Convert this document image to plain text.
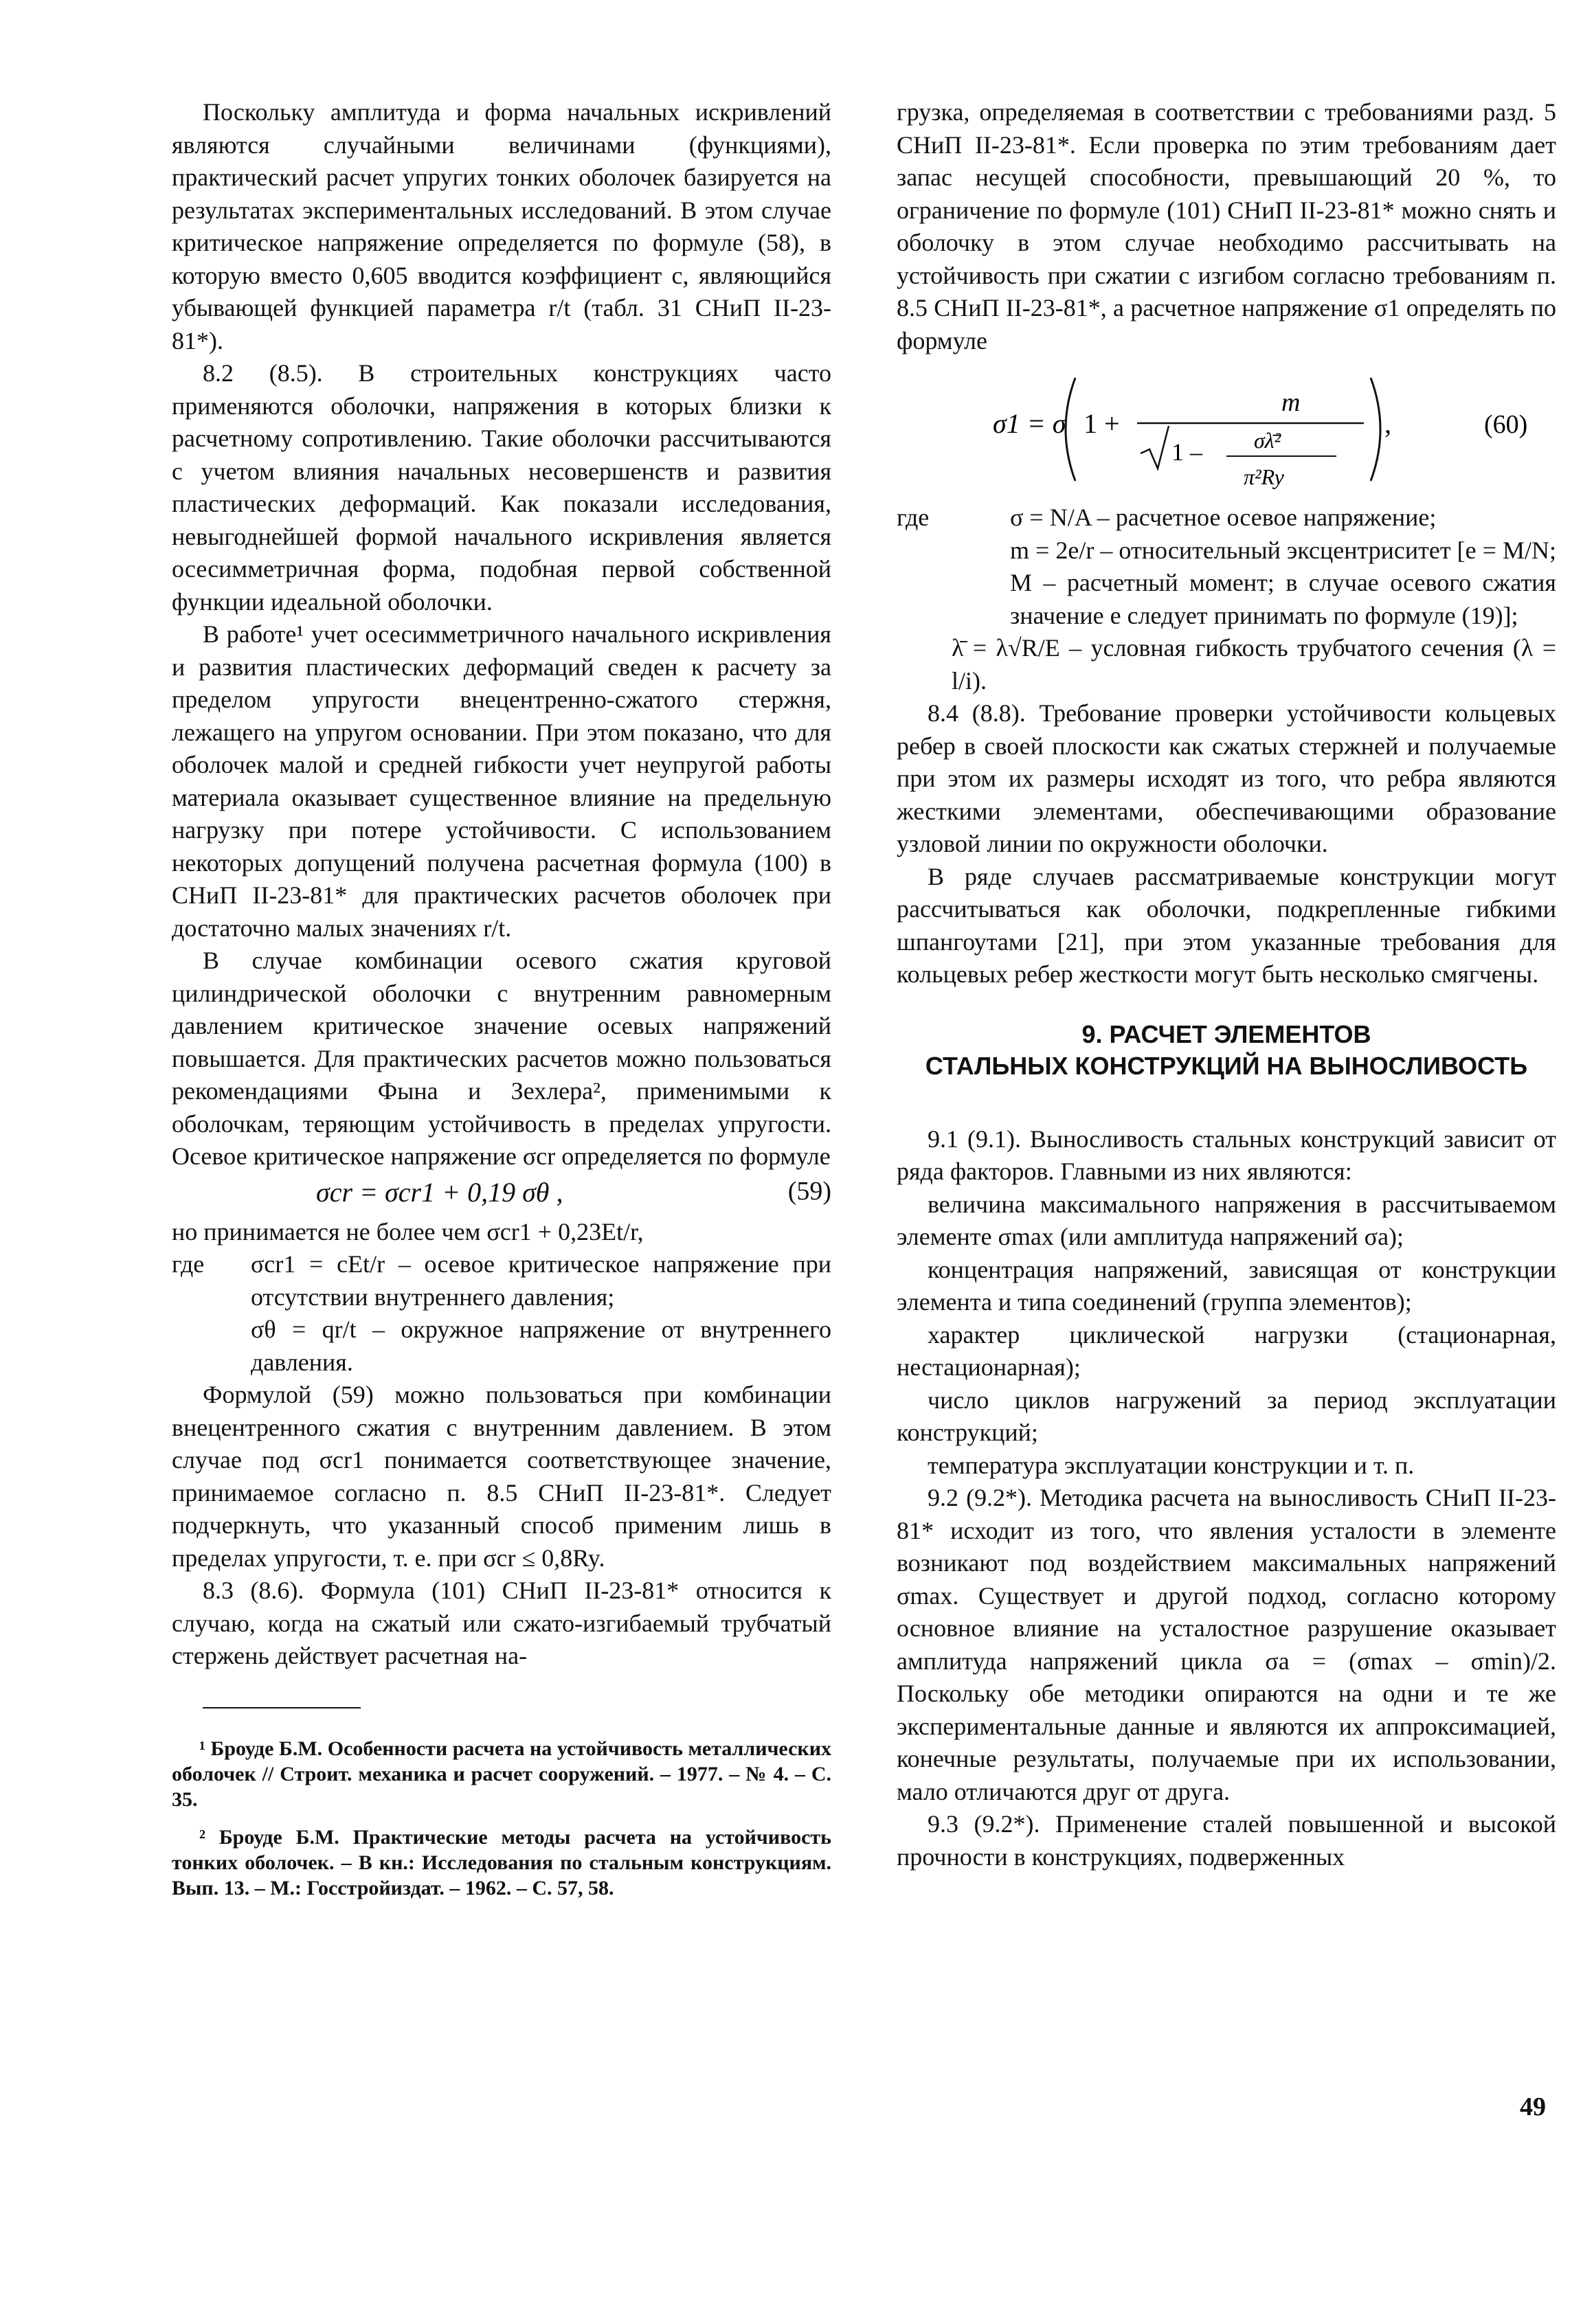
Поскольку амплитуда и форма начальных искривлений являются случайными величинами (функциями), практический расчет упругих тонких оболочек базируется на результатах экспериментальных исследований. В этом случае критическое напряжение определяется по формуле (58), в которую вместо 0,605 вводится коэффициент c, являющийся убывающей функцией параметра r/t (табл. 31 СНиП II-23-81*).

8.2 (8.5). В строительных конструкциях часто применяются оболочки, напряжения в которых близки к расчетному сопротивлению. Такие оболочки рассчитываются с учетом влияния начальных несовершенств и развития пластических деформаций. Как показали исследования, невыгоднейшей формой начального искривления является осесимметричная форма, подобная первой собственной функции идеальной оболочки.

В работе¹ учет осесимметричного начального искривления и развития пластических деформаций сведен к расчету за пределом упругости внецентренно-сжатого стержня, лежащего на упругом основании. При этом показано, что для оболочек малой и средней гибкости учет неупругой работы материала оказывает существенное влияние на предельную нагрузку при потере устойчивости. С использованием некоторых допущений получена расчетная формула (100) в СНиП II-23-81* для практических расчетов оболочек при достаточно малых значениях r/t.

В случае комбинации осевого сжатия круговой цилиндрической оболочки с внутренним равномерным давлением критическое значение осевых напряжений повышается. Для практических расчетов можно пользоваться рекомендациями Фына и Зехлера², применимыми к оболочкам, теряющим устойчивость в пределах упругости. Осевое критическое напряжение σcr определяется по формуле

σcr = σcr1 + 0,19 σθ ,	(59)

но принимается не более чем σcr1 + 0,23Et/r,

где σcr1 = cEt/r – осевое критическое напряжение при отсутствии внутреннего давления;
σθ = qr/t – окружное напряжение от внутреннего давления.

Формулой (59) можно пользоваться при комбинации внецентренного сжатия с внутренним давлением. В этом случае под σcr1 понимается соответствующее значение, принимаемое согласно п. 8.5 СНиП II-23-81*. Следует подчеркнуть, что указанный способ применим лишь в пределах упругости, т. е. при σcr ≤ 0,8Ry.

8.3 (8.6). Формула (101) СНиП II-23-81* относится к случаю, когда на сжатый или сжато-изгибаемый трубчатый стержень действует расчетная на-

¹ Броуде Б.М. Особенности расчета на устойчивость металлических оболочек // Строит. механика и расчет сооружений. – 1977. – № 4. – С. 35.
² Броуде Б.М. Практические методы расчета на устойчивость тонких оболочек. – В кн.: Исследования по стальным конструкциям. Вып. 13. – М.: Госстройиздат. – 1962. – С. 57, 58.

грузка, определяемая в соответствии с требованиями разд. 5 СНиП II-23-81*. Если проверка по этим требованиям дает запас несущей способности, превышающий 20 %, то ограничение по формуле (101) СНиП II-23-81* можно снять и оболочку в этом случае необходимо рассчитывать на устойчивость при сжатии с изгибом согласно требованиям п. 8.5 СНиП II-23-81*, а расчетное напряжение σ1 определять по формуле

σ1 = σ 1 +
m
1 – σλ̄²
π²Ry
,	(60)
где	σ = N/A – расчетное осевое напряжение;
m = 2e/r – относительный эксцентриситет [e = M/N; M – расчетный момент; в случае осевого сжатия значение e следует принимать по формуле (19)];
λ̄ = λ√R/E – условная гибкость трубчатого сечения (λ = l/i).

8.4 (8.8). Требование проверки устойчивости кольцевых ребер в своей плоскости как сжатых стержней и получаемые при этом их размеры исходят из того, что ребра являются жесткими элементами, обеспечивающими образование узловой линии по окружности оболочки.

В ряде случаев рассматриваемые конструкции могут рассчитываться как оболочки, подкрепленные гибкими шпангоутами [21], при этом указанные требования для кольцевых ребер жесткости могут быть несколько смягчены.

9. РАСЧЕТ ЭЛЕМЕНТОВ
СТАЛЬНЫХ КОНСТРУКЦИЙ НА ВЫНОСЛИВОСТЬ

9.1 (9.1). Выносливость стальных конструкций зависит от ряда факторов. Главными из них являются:

величина максимального напряжения в рассчитываемом элементе σmax (или амплитуда напряжений σa);

концентрация напряжений, зависящая от конструкции элемента и типа соединений (группа элементов);

характер циклической нагрузки (стационарная, нестационарная);

число циклов нагружений за период эксплуатации конструкций;

температура эксплуатации конструкции и т. п.

9.2 (9.2*). Методика расчета на выносливость СНиП II-23-81* исходит из того, что явления усталости в элементе возникают под воздействием максимальных напряжений σmax. Существует и другой подход, согласно которому основное влияние на усталостное разрушение оказывает амплитуда напряжений цикла σa = (σmax – σmin)/2. Поскольку обе методики опираются на одни и те же экспериментальные данные и являются их аппроксимацией, конечные результаты, получаемые при их использовании, мало отличаются друг от друга.

9.3 (9.2*). Применение сталей повышенной и высокой прочности в конструкциях, подверженных

49
